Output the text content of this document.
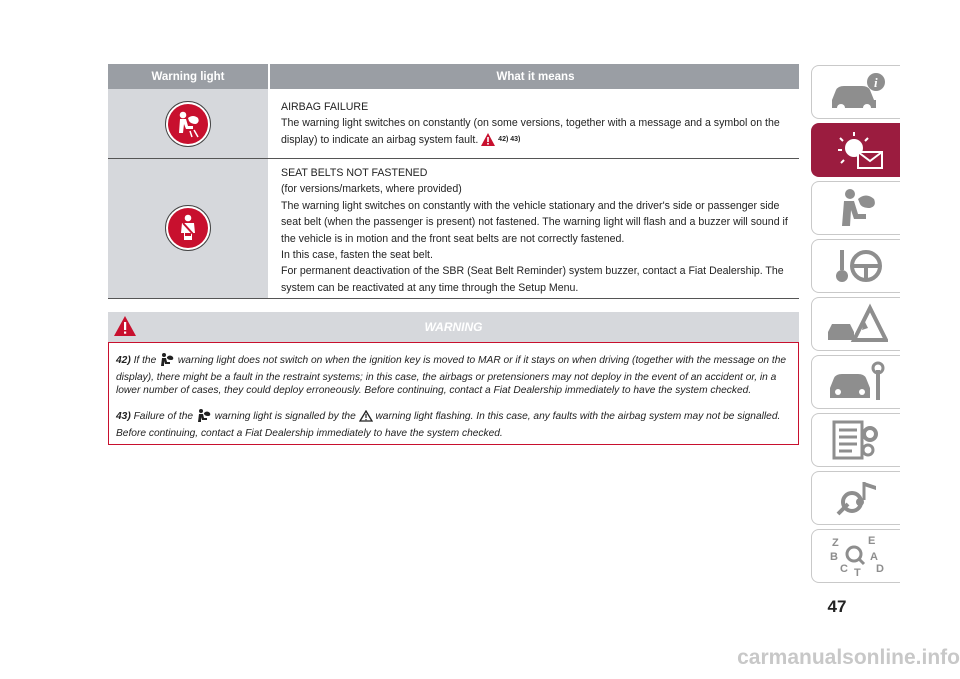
Warning light	What it means
AIRBAG FAILURE
The warning light switches on constantly (on some versions, together with a message and a symbol on the display) to indicate an airbag system fault.	42) 43)
SEAT BELTS NOT FASTENED
(for versions/markets, where provided)
The warning light switches on constantly with the vehicle stationary and the driver's side or passenger side seat belt (when the passenger is present) not fastened. The warning light will flash and a buzzer will sound if the vehicle is in motion and the front seat belts are not correctly fastened.
In this case, fasten the seat belt.
For permanent deactivation of the SBR (Seat Belt Reminder) system buzzer, contact a Fiat Dealership. The system can be reactivated at any time through the Setup Menu.
WARNING
42) If the warning light does not switch on when the ignition key is moved to MAR or if it stays on when driving (together with the message on the display), there might be a fault in the restraint systems; in this case, the airbags or pretensioners may not deploy in the event of an accident or, in a lower number of cases, they could deploy erroneously. Before continuing, contact a Fiat Dealership immediately to have the system checked.
43) Failure of the warning light is signalled by the warning light flashing. In this case, any faults with the airbag system may not be signalled. Before continuing, contact a Fiat Dealership immediately to have the system checked.
i
Z	E
B	A
C T D
47
carmanualsonline.info
